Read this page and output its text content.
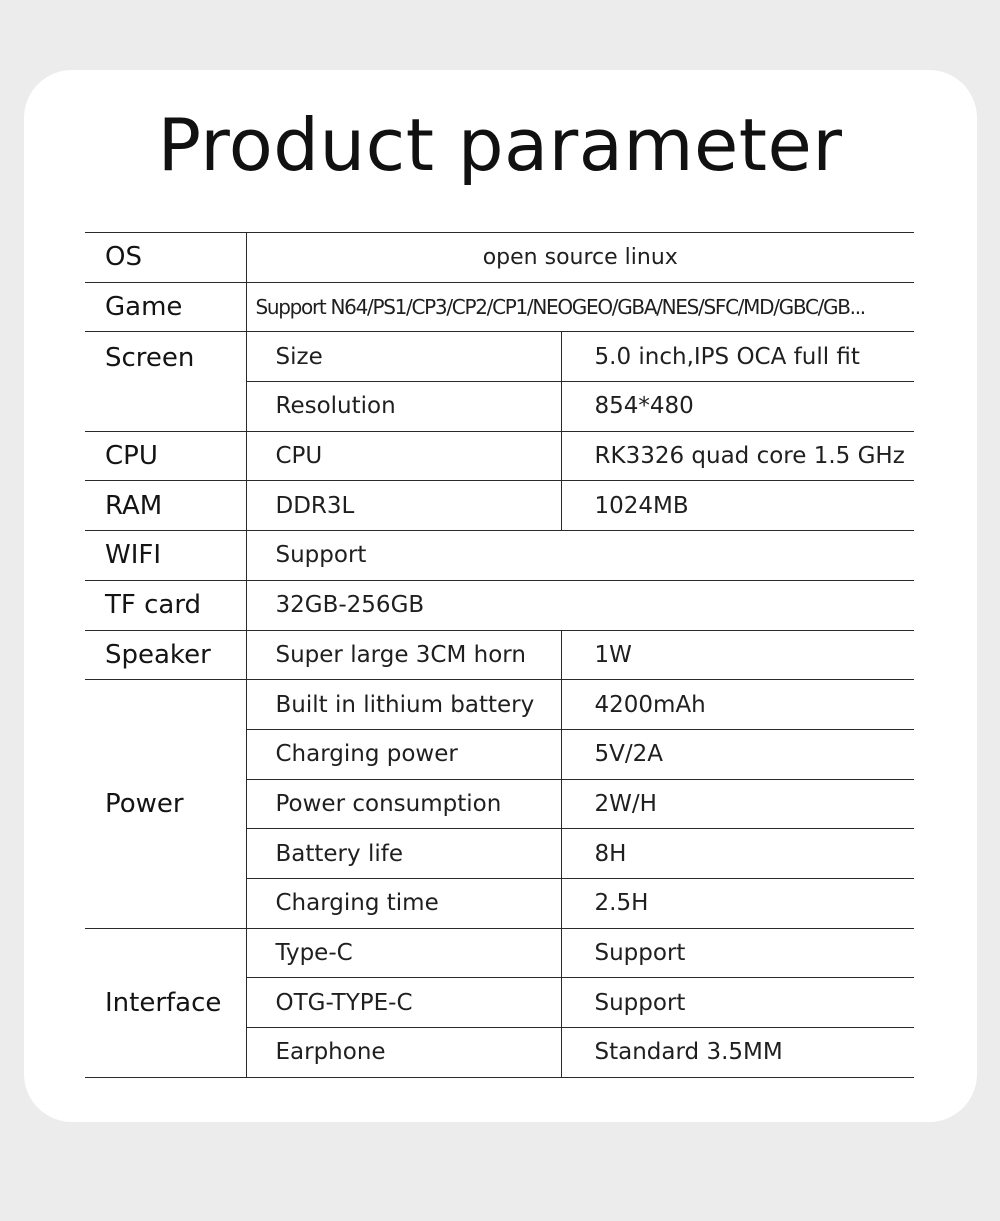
Product parameter
OS	open source linux	
Game	Support N64/PS1/CP3/CP2/CP1/NEOGEO/GBA/NES/SFC/MD/GBC/GB...	
Screen	Size	5.0 inch,IPS OCA full fit
	Resolution	854*480
CPU	CPU	RK3326 quad core 1.5 GHz
RAM	DDR3L	1024MB
WIFI	Support	
TF card	32GB-256GB	
Speaker	Super large 3CM horn	1W
Power	Built in lithium battery	4200mAh
	Charging power	5V/2A
	Power consumption	2W/H
	Battery life	8H
	Charging time	2.5H
Interface	Type-C	Support
	OTG-TYPE-C	Support
	Earphone	Standard 3.5MM
